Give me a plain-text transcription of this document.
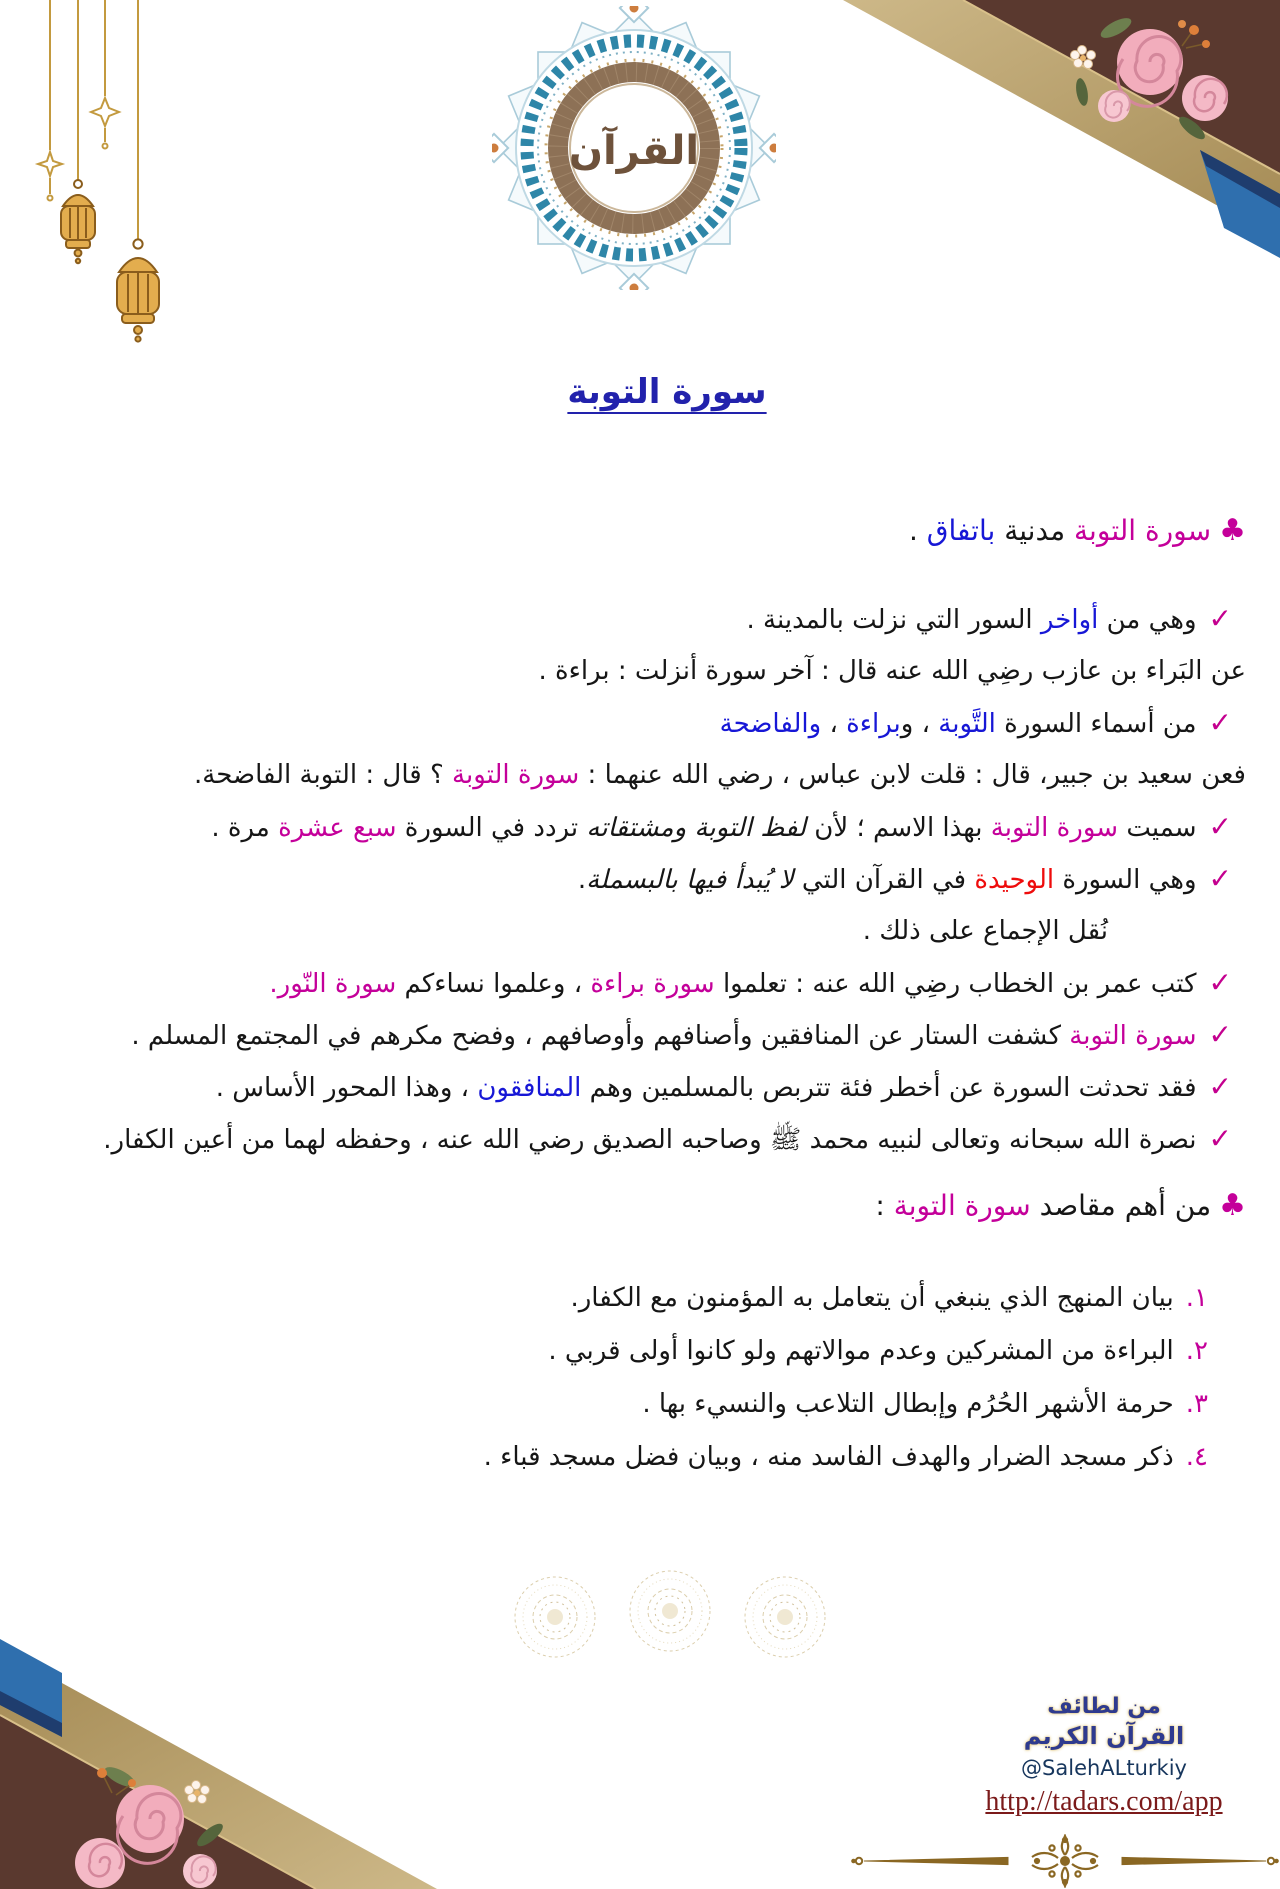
القرآن
سورة التوبة
♣سورة التوبة مدنية باتفاق .
✓وهي من أواخر السور التي نزلت بالمدينة .
عن البَراء بن عازب رضِي الله عنه قال : آخر سورة أنزلت : براءة .
✓من أسماء السورة التَّوبة ، وبراءة ، والفاضحة
فعن سعيد بن جبير، قال : قلت لابن عباس ، رضي الله عنهما : سورة التوبة ؟ قال : التوبة الفاضحة.
✓سميت سورة التوبة بهذا الاسم ؛ لأن لفظ التوبة ومشتقاته تردد في السورة سبع عشرة مرة .
✓وهي السورة الوحيدة في القرآن التي لا يُبدأ فيها بالبسملة.
نُقل الإجماع على ذلك .
✓كتب عمر بن الخطاب رضِي الله عنه : تعلموا سورة براءة ، وعلموا نساءكم سورة النّور.
✓سورة التوبة كشفت الستار عن المنافقين وأصنافهم وأوصافهم ، وفضح مكرهم في المجتمع المسلم .
✓فقد تحدثت السورة عن أخطر فئة تتربص بالمسلمين وهم المنافقون ، وهذا المحور الأساس .
✓نصرة الله سبحانه وتعالى لنبيه محمد ﷺ وصاحبه الصديق رضي الله عنه ، وحفظه لهما من أعين الكفار.
♣من أهم مقاصد سورة التوبة :
١.بيان المنهج الذي ينبغي أن يتعامل به المؤمنون مع الكفار.
٢.البراءة من المشركين وعدم موالاتهم ولو كانوا أولى قربي .
٣.حرمة الأشهر الحُرُم وإبطال التلاعب والنسيء بها .
٤.ذكر مسجد الضرار والهدف الفاسد منه ، وبيان فضل مسجد قباء .
من لطائف
القرآن الكريم
@SalehALturkiy
http://tadars.com/app
